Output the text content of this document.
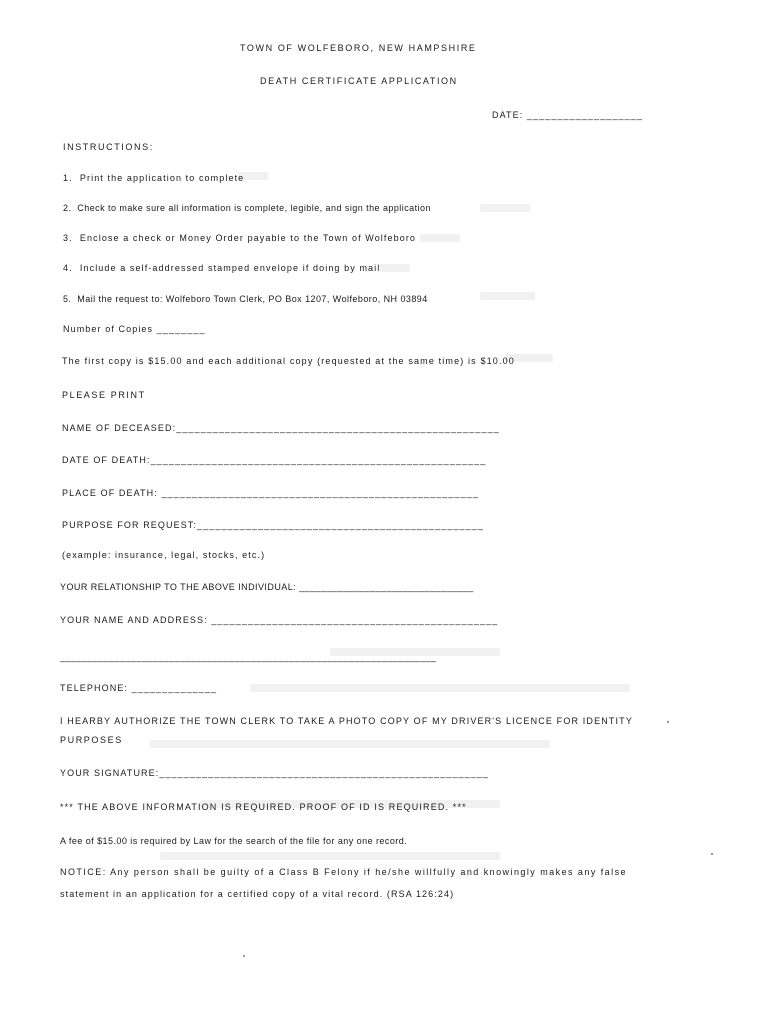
TOWN OF WOLFEBORO, NEW HAMPSHIRE
DEATH CERTIFICATE APPLICATION
DATE: ___________________
INSTRUCTIONS:
1.  Print the application to complete
2.  Check to make sure all information is complete, legible, and sign the application
3.  Enclose a check or Money Order payable to the Town of Wolfeboro
4.  Include a self-addressed stamped envelope if doing by mail
5.  Mail the request to: Wolfeboro Town Clerk, PO Box 1207, Wolfeboro, NH 03894
Number of Copies ________
The first copy is $15.00 and each additional copy (requested at the same time) is $10.00
PLEASE PRINT
NAME OF DECEASED:_____________________________________________________
DATE OF DEATH:_______________________________________________________
PLACE OF DEATH: ____________________________________________________
PURPOSE FOR REQUEST:_______________________________________________
(example: insurance, legal, stocks, etc.)
YOUR RELATIONSHIP TO THE ABOVE INDIVIDUAL: ________________________________
YOUR NAME AND ADDRESS: _______________________________________________
_____________________________________________________________________
TELEPHONE: ______________
I HEARBY AUTHORIZE THE TOWN CLERK TO TAKE A PHOTO COPY OF MY DRIVER'S LICENCE FOR IDENTITY
PURPOSES
YOUR SIGNATURE:______________________________________________________
*** THE ABOVE INFORMATION IS REQUIRED. PROOF OF ID IS REQUIRED. ***
A fee of $15.00 is required by Law for the search of the file for any one record.
NOTICE: Any person shall be guilty of a Class B Felony if he/she willfully and knowingly makes any false
statement in an application for a certified copy of a vital record. (RSA 126:24)
